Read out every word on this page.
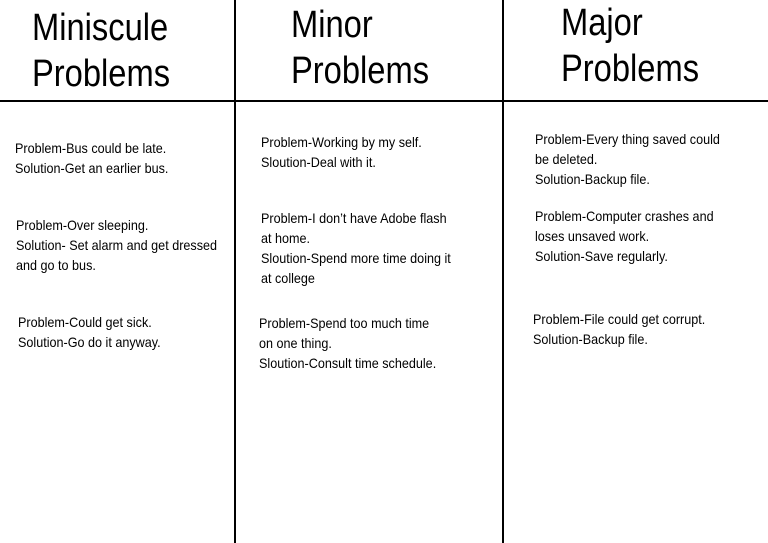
Miniscule
Problems
Problem-Bus could be late.
Solution-Get an earlier bus.
Problem-Over sleeping.
Solution- Set alarm and get dressed
and go to bus.
Problem-Could get sick.
Solution-Go do it anyway.
Minor
Problems
Problem-Working by my self.
Sloution-Deal with it.
Problem-I don’t have Adobe flash
at home.
Sloution-Spend more time doing it
at college
Problem-Spend too much time
on one thing.
Sloution-Consult time schedule.
Major
Problems
Problem-Every thing saved could
be deleted.
Solution-Backup file.
Problem-Computer crashes and
loses unsaved work.
Solution-Save regularly.
Problem-File could get corrupt.
Solution-Backup file.
